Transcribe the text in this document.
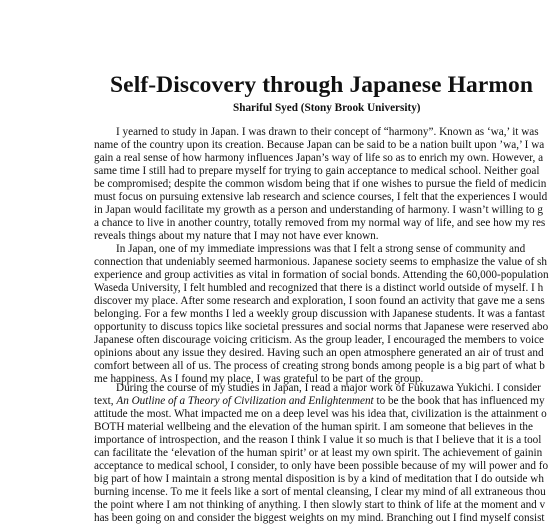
Self-Discovery through Japanese Harmon
Shariful Syed (Stony Brook University)

I yearned to study in Japan. I was drawn to their concept of “harmony”. Known as ‘wa,’ it was

name of the country upon its creation. Because Japan can be said to be a nation built upon ’wa,’ I wa

gain a real sense of how harmony influences Japan’s way of life so as to enrich my own. However, a

same time I still had to prepare myself for trying to gain acceptance to medical school. Neither goal

be compromised; despite the common wisdom being that if one wishes to pursue the field of medicin

must focus on pursuing extensive lab research and science courses, I felt that the experiences I would

in Japan would facilitate my growth as a person and understanding of harmony. I wasn’t willing to g

a chance to live in another country, totally removed from my normal way of life, and see how my res

reveals things about my nature that I may not have ever known.

In Japan, one of my immediate impressions was that I felt a strong sense of community and

connection that undeniably seemed harmonious. Japanese society seems to emphasize the value of sh

experience and group activities as vital in formation of social bonds. Attending the 60,000-population

Waseda University, I felt humbled and recognized that there is a distinct world outside of myself. I h

discover my place. After some research and exploration, I soon found an activity that gave me a sens

belonging. For a few months I led a weekly group discussion with Japanese students. It was a fantast

opportunity to discuss topics like societal pressures and social norms that Japanese were reserved abo

Japanese often discourage voicing criticism. As the group leader, I encouraged the members to voice

opinions about any issue they desired. Having such an open atmosphere generated an air of trust and

comfort between all of us. The process of creating strong bonds among people is a big part of what b

me happiness. As I found my place, I was grateful to be part of the group.

During the course of my studies in Japan, I read a major work of Fukuzawa Yukichi. I consider

text, An Outline of a Theory of Civilization and Enlightenment to be the book that has influenced my

attitude the most. What impacted me on a deep level was his idea that, civilization is the attainment o

BOTH material wellbeing and the elevation of the human spirit. I am someone that believes in the

importance of introspection, and the reason I think I value it so much is that I believe that it is a tool

can facilitate the ‘elevation of the human spirit’ or at least my own spirit. The achievement of gainin

acceptance to medical school, I consider, to only have been possible because of my will power and fo

big part of how I maintain a strong mental disposition is by a kind of meditation that I do outside wh

burning incense. To me it feels like a sort of mental cleansing, I clear my mind of all extraneous thou

the point where I am not thinking of anything. I then slowly start to think of life at the moment and v

has been going on and consider the biggest weights on my mind. Branching out I find myself consist
